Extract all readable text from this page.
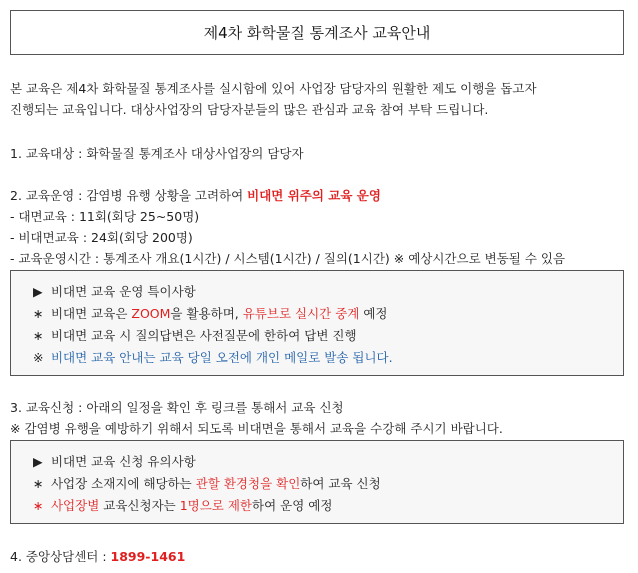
제4차 화학물질 통계조사 교육안내
본 교육은 제4차 화학물질 통계조사를 실시함에 있어 사업장 담당자의 원활한 제도 이행을 돕고자
진행되는 교육입니다. 대상사업장의 담당자분들의 많은 관심과 교육 참여 부탁 드립니다.
1. 교육대상 : 화학물질 통계조사 대상사업장의 담당자
2. 교육운영 : 감염병 유행 상황을 고려하여 비대면 위주의 교육 운영
- 대면교육 : 11회(회당 25~50명)
- 비대면교육 : 24회(회당 200명)
- 교육운영시간 : 통계조사 개요(1시간) / 시스템(1시간) / 질의(1시간) ※ 예상시간으로 변동될 수 있음
▶ 비대면 교육 운영 특이사항
∗ 비대면 교육은 ZOOM을 활용하며, 유튜브로 실시간 중계 예정
∗ 비대면 교육 시 질의답변은 사전질문에 한하여 답변 진행
※ 비대면 교육 안내는 교육 당일 오전에 개인 메일로 발송 됩니다.
3. 교육신청 : 아래의 일정을 확인 후 링크를 통해서 교육 신청
※ 감염병 유행을 예방하기 위해서 되도록 비대면을 통해서 교육을 수강해 주시기 바랍니다.
▶ 비대면 교육 신청 유의사항
∗ 사업장 소재지에 해당하는 관할 환경청을 확인하여 교육 신청
∗ 사업장별 교육신청자는 1명으로 제한하여 운영 예정
4. 중앙상담센터 : 1899-1461
